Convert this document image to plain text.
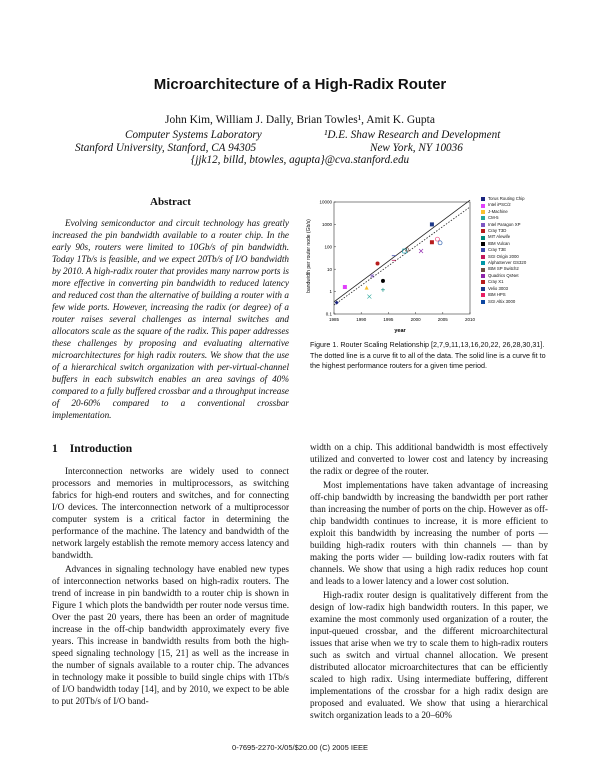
Microarchitecture of a High-Radix Router
John Kim, William J. Dally, Brian Towles¹, Amit K. Gupta
Computer Systems Laboratory
Stanford University, Stanford, CA 94305
¹D.E. Shaw Research and Development
New York, NY 10036
{jjk12, billd, btowles, agupta}@cva.stanford.edu
Abstract

Evolving semiconductor and circuit technology has greatly increased the pin bandwidth available to a router chip. In the early 90s, routers were limited to 10Gb/s of pin bandwidth. Today 1Tb/s is feasible, and we expect 20Tb/s of I/O bandwidth by 2010. A high-radix router that provides many narrow ports is more effective in converting pin bandwidth to reduced latency and reduced cost than the alternative of building a router with a few wide ports. However, increasing the radix (or degree) of a router raises several challenges as internal switches and allocators scale as the square of the radix. This paper addresses these challenges by proposing and evaluating alternative microarchitectures for high radix routers. We show that the use of a hierarchical switch organization with per-virtual-channel buffers in each subswitch enables an area savings of 40% compared to a fully buffered crossbar and a throughput increase of 20-60% compared to a conventional crossbar implementation.

1 Introduction

Interconnection networks are widely used to connect processors and memories in multiprocessors, as switching fabrics for high-end routers and switches, and for connecting I/O devices. The interconnection network of a multiprocessor computer system is a critical factor in determining the performance of the machine. The latency and bandwidth of the network largely establish the remote memory access latency and bandwidth.

Advances in signaling technology have enabled new types of interconnection networks based on high-radix routers. The trend of increase in pin bandwidth to a router chip is shown in Figure 1 which plots the bandwidth per router node versus time. Over the past 20 years, there has been an order of magnitude increase in the off-chip bandwidth approximately every five years. This increase in bandwidth results from both the high-speed signaling technology [15, 21] as well as the increase in the number of signals available to a router chip. The advances in technology make it possible to build single chips with 1Tb/s of I/O bandwidth today [14], and by 2010, we expect to be able to put 20Tb/s of I/O band-

bandwidth per router node (Gb/s)
year
0.1
1
10
100
1000
10000
1985	1990	1995	2000	2005	2010
Torus Routing Chip
Intel iPSC/2
J-Machine
CM-5
Intel Paragon XP
Cray T3D
MIT Alewife
IBM Vulcan
Cray T3E
SGI Origin 2000
AlphaServer GS320
IBM SP Switch2
Quadrics QsNet
Cray X1
Velio 3003
IBM HPS
SGI Altix 3000
Figure 1. Router Scaling Relationship [2,7,9,11,13,16,20,22, 26,28,30,31]. The dotted line is a curve fit to all of the data. The solid line is a curve fit to the highest performance routers for a given time period.

width on a chip. This additional bandwidth is most effectively utilized and converted to lower cost and latency by increasing the radix or degree of the router.

Most implementations have taken advantage of increasing off-chip bandwidth by increasing the bandwidth per port rather than increasing the number of ports on the chip. However as off-chip bandwidth continues to increase, it is more efficient to exploit this bandwidth by increasing the number of ports — building high-radix routers with thin channels — than by making the ports wider — building low-radix routers with fat channels. We show that using a high radix reduces hop count and leads to a lower latency and a lower cost solution.

High-radix router design is qualitatively different from the design of low-radix high bandwidth routers. In this paper, we examine the most commonly used organization of a router, the input-queued crossbar, and the different microarchitectural issues that arise when we try to scale them to high-radix routers such as switch and virtual channel allocation. We present distributed allocator microarchitectures that can be efficiently scaled to high radix. Using intermediate buffering, different implementations of the crossbar for a high radix design are proposed and evaluated. We show that using a hierarchical switch organization leads to a 20–60%

0-7695-2270-X/05/$20.00 (C) 2005 IEEE
